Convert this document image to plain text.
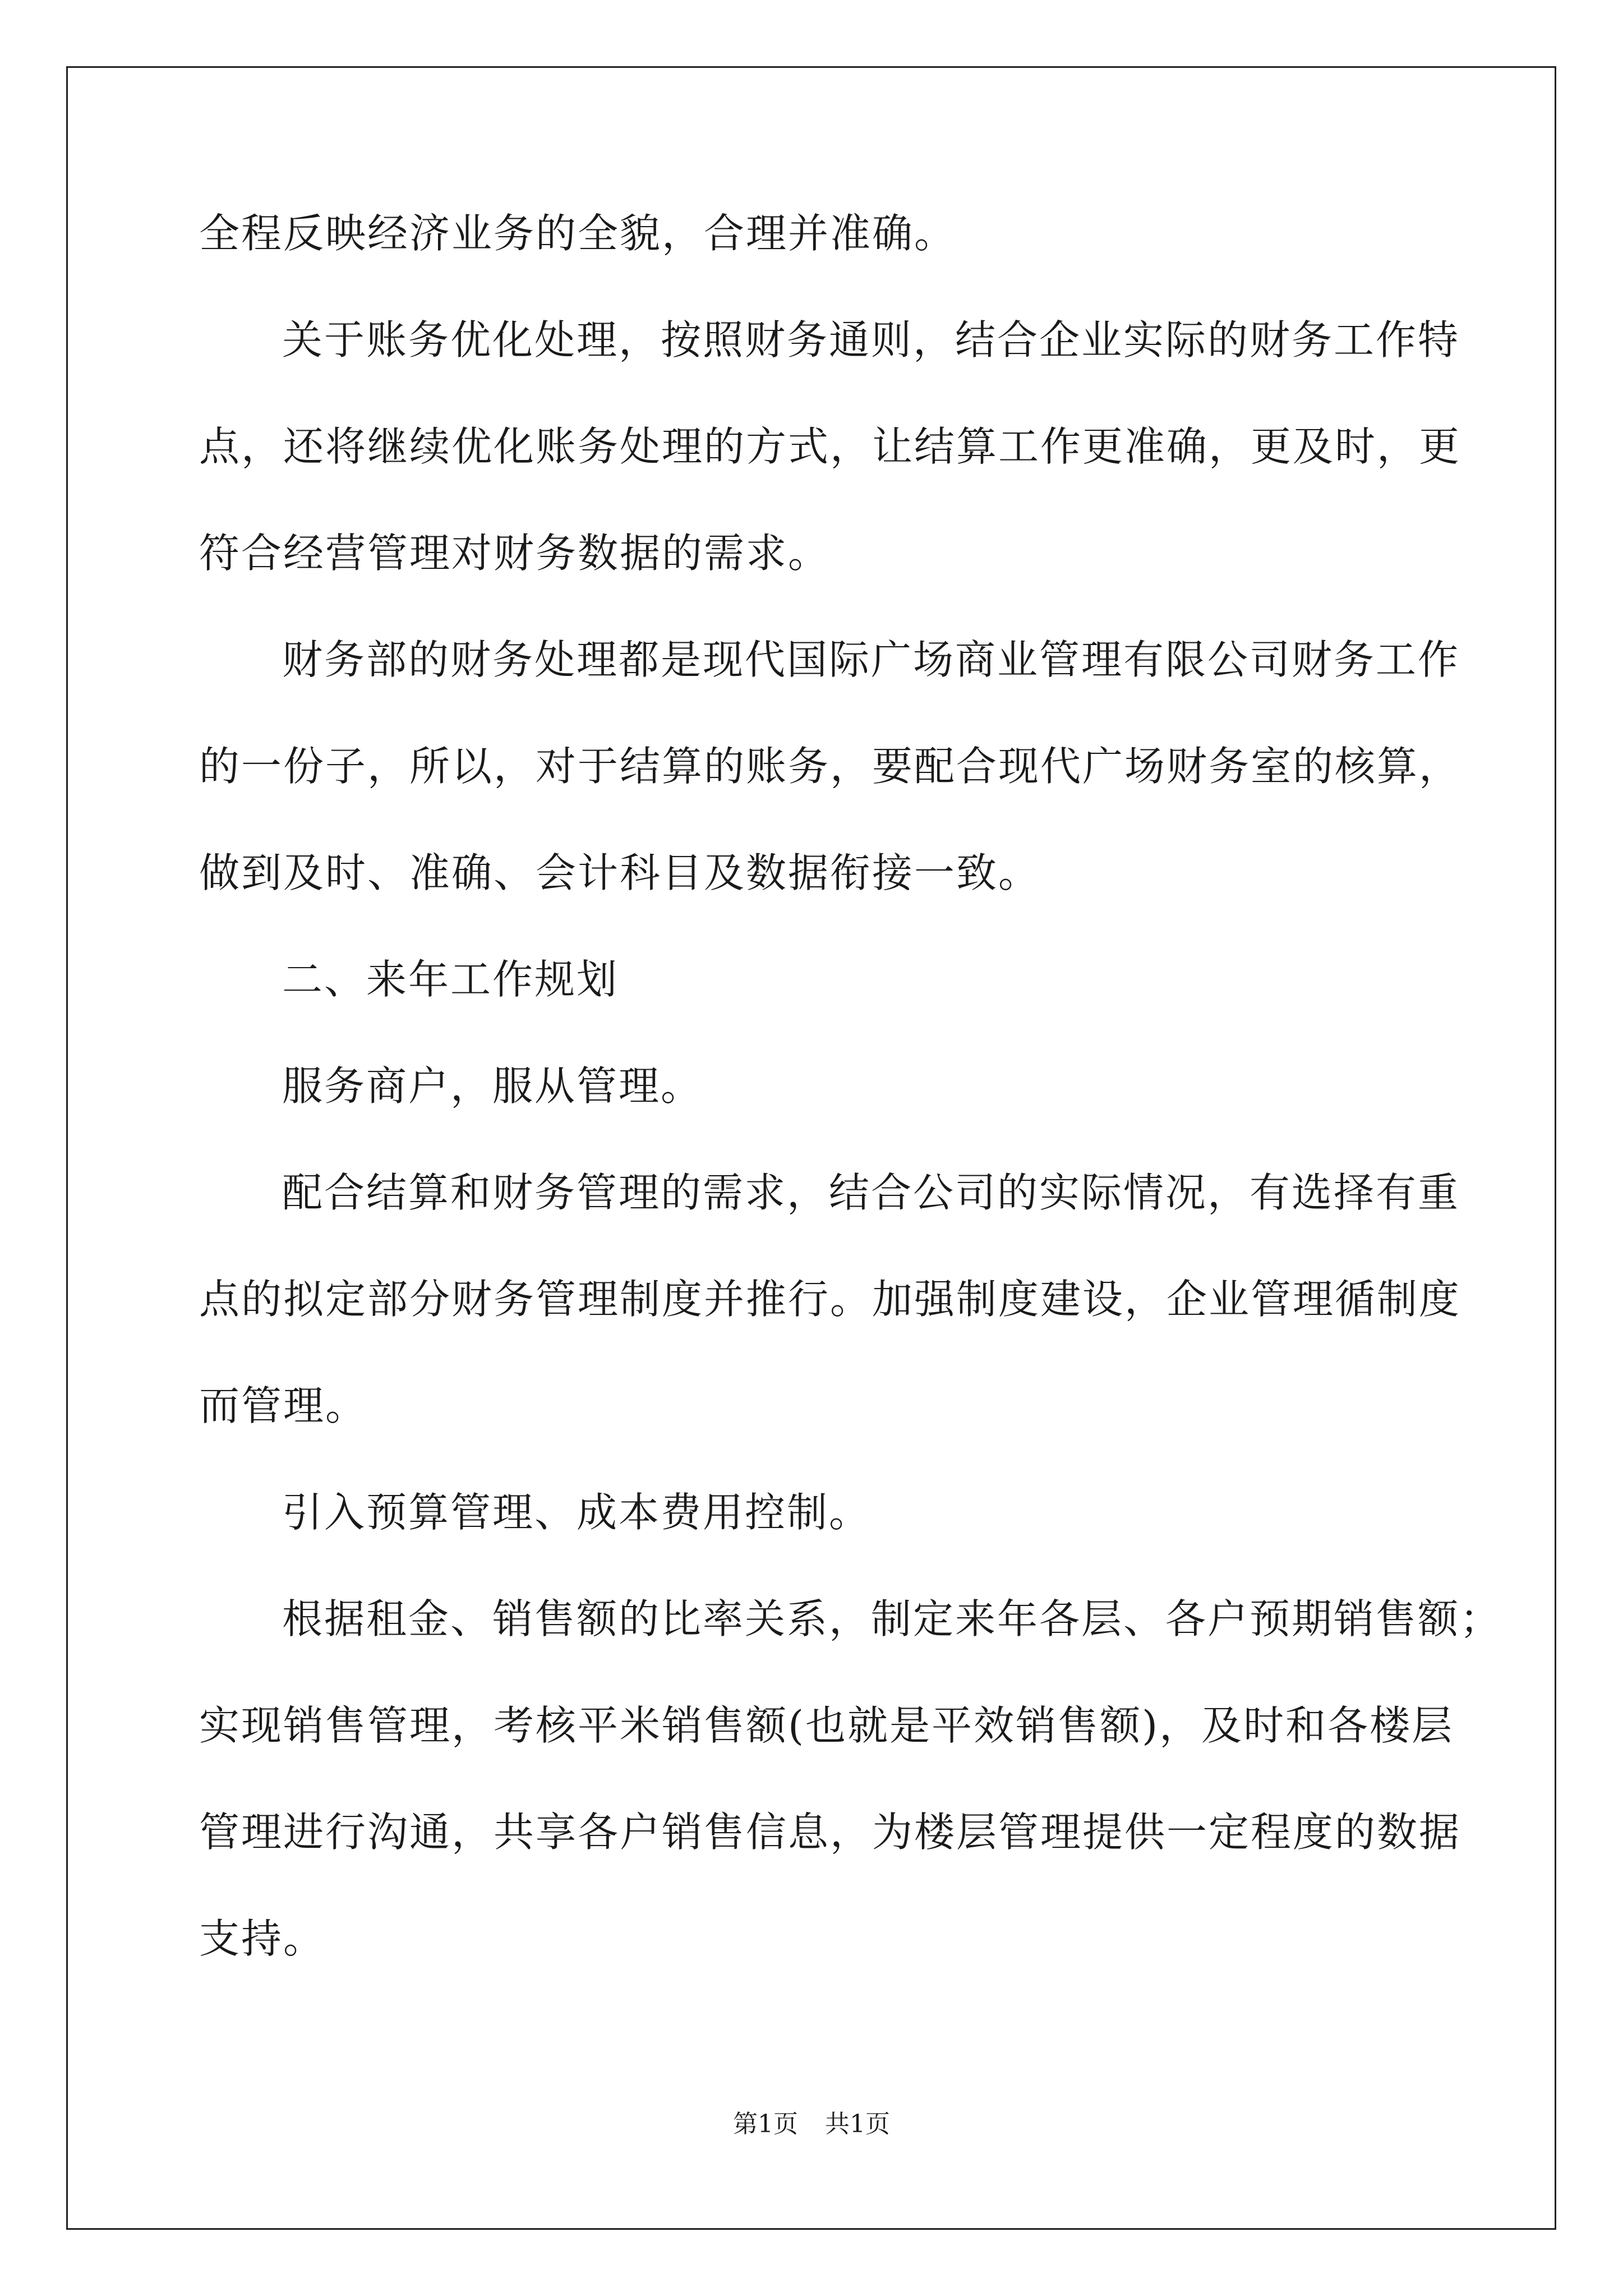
全程反映经济业务的全貌，合理并准确。
关于账务优化处理，按照财务通则，结合企业实际的财务工作特
点，还将继续优化账务处理的方式，让结算工作更准确，更及时，更
符合经营管理对财务数据的需求。
财务部的财务处理都是现代国际广场商业管理有限公司财务工作
的一份子，所以，对于结算的账务，要配合现代广场财务室的核算，
做到及时、准确、会计科目及数据衔接一致。
二、来年工作规划
服务商户，服从管理。
配合结算和财务管理的需求，结合公司的实际情况，有选择有重
点的拟定部分财务管理制度并推行。加强制度建设，企业管理循制度
而管理。
引入预算管理、成本费用控制。
根据租金、销售额的比率关系，制定来年各层、各户预期销售额；
实现销售管理，考核平米销售额(也就是平效销售额)，及时和各楼层
管理进行沟通，共享各户销售信息，为楼层管理提供一定程度的数据
支持。
第1页 共1页
